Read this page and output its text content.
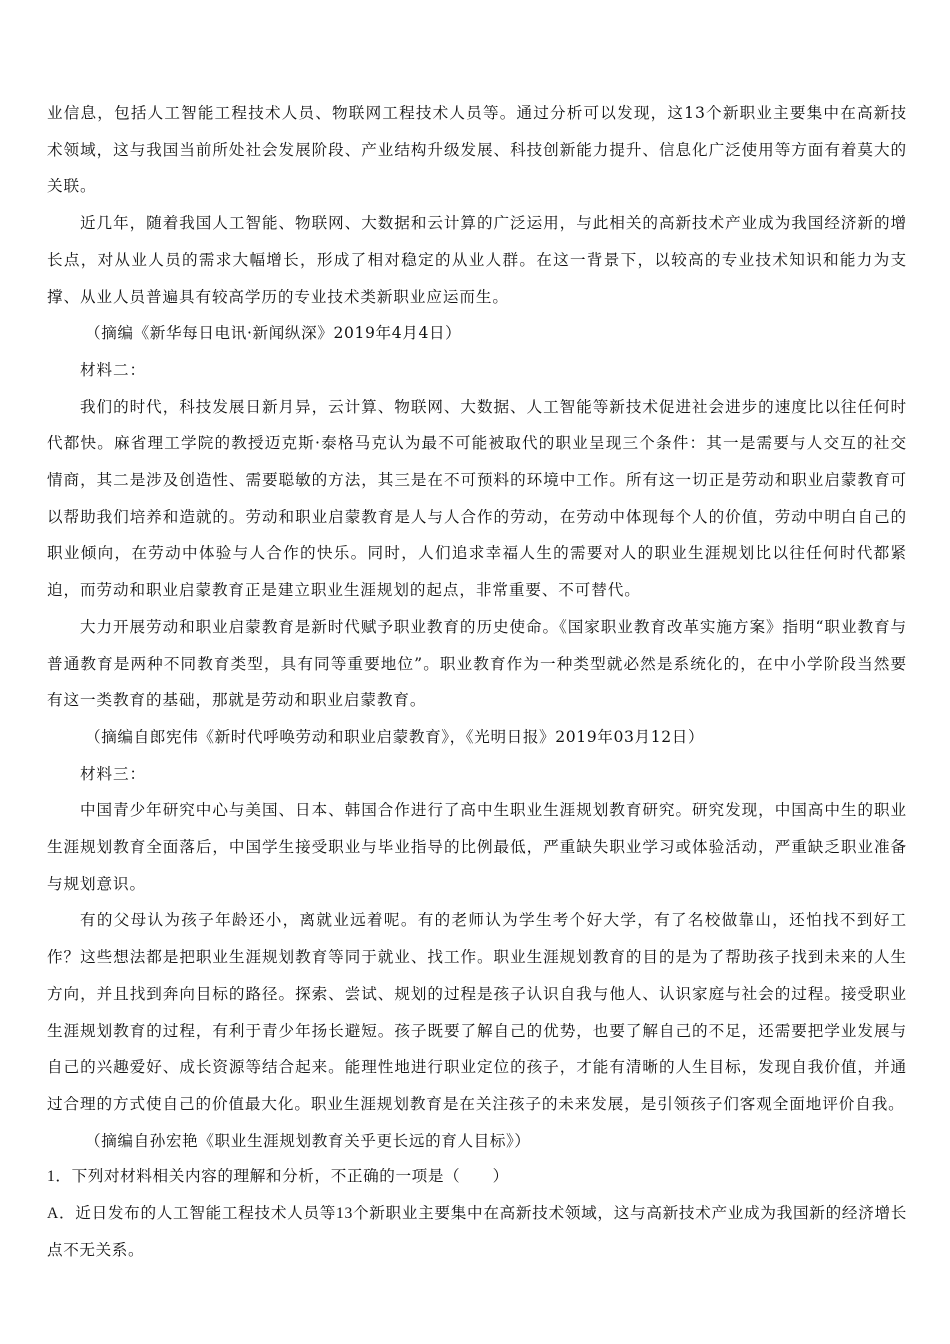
业信息，包括人工智能工程技术人员、物联网工程技术人员等。通过分析可以发现，这13个新职业主要集中在高新技术领域，这与我国当前所处社会发展阶段、产业结构升级发展、科技创新能力提升、信息化广泛使用等方面有着莫大的关联。

近几年，随着我国人工智能、物联网、大数据和云计算的广泛运用，与此相关的高新技术产业成为我国经济新的增长点，对从业人员的需求大幅增长，形成了相对稳定的从业人群。在这一背景下，以较高的专业技术知识和能力为支撑、从业人员普遍具有较高学历的专业技术类新职业应运而生。

（摘编《新华每日电讯·新闻纵深》2019年4月4日）

材料二：

我们的时代，科技发展日新月异，云计算、物联网、大数据、人工智能等新技术促进社会进步的速度比以往任何时代都快。麻省理工学院的教授迈克斯·泰格马克认为最不可能被取代的职业呈现三个条件：其一是需要与人交互的社交情商，其二是涉及创造性、需要聪敏的方法，其三是在不可预料的环境中工作。所有这一切正是劳动和职业启蒙教育可以帮助我们培养和造就的。劳动和职业启蒙教育是人与人合作的劳动，在劳动中体现每个人的价值，劳动中明白自己的职业倾向，在劳动中体验与人合作的快乐。同时，人们追求幸福人生的需要对人的职业生涯规划比以往任何时代都紧迫，而劳动和职业启蒙教育正是建立职业生涯规划的起点，非常重要、不可替代。

大力开展劳动和职业启蒙教育是新时代赋予职业教育的历史使命。《国家职业教育改革实施方案》指明“职业教育与普通教育是两种不同教育类型，具有同等重要地位”。职业教育作为一种类型就必然是系统化的，在中小学阶段当然要有这一类教育的基础，那就是劳动和职业启蒙教育。

（摘编自郎宪伟《新时代呼唤劳动和职业启蒙教育》，《光明日报》2019年03月12日）

材料三：

中国青少年研究中心与美国、日本、韩国合作进行了高中生职业生涯规划教育研究。研究发现，中国高中生的职业生涯规划教育全面落后，中国学生接受职业与毕业指导的比例最低，严重缺失职业学习或体验活动，严重缺乏职业准备与规划意识。

有的父母认为孩子年龄还小，离就业远着呢。有的老师认为学生考个好大学，有了名校做靠山，还怕找不到好工作？这些想法都是把职业生涯规划教育等同于就业、找工作。职业生涯规划教育的目的是为了帮助孩子找到未来的人生方向，并且找到奔向目标的路径。探索、尝试、规划的过程是孩子认识自我与他人、认识家庭与社会的过程。接受职业生涯规划教育的过程，有利于青少年扬长避短。孩子既要了解自己的优势，也要了解自己的不足，还需要把学业发展与自己的兴趣爱好、成长资源等结合起来。能理性地进行职业定位的孩子，才能有清晰的人生目标，发现自我价值，并通过合理的方式使自己的价值最大化。职业生涯规划教育是在关注孩子的未来发展，是引领孩子们客观全面地评价自我。

（摘编自孙宏艳《职业生涯规划教育关乎更长远的育人目标》）

1．下列对材料相关内容的理解和分析，不正确的一项是（　　）

A．近日发布的人工智能工程技术人员等13个新职业主要集中在高新技术领域，这与高新技术产业成为我国新的经济增长点不无关系。
